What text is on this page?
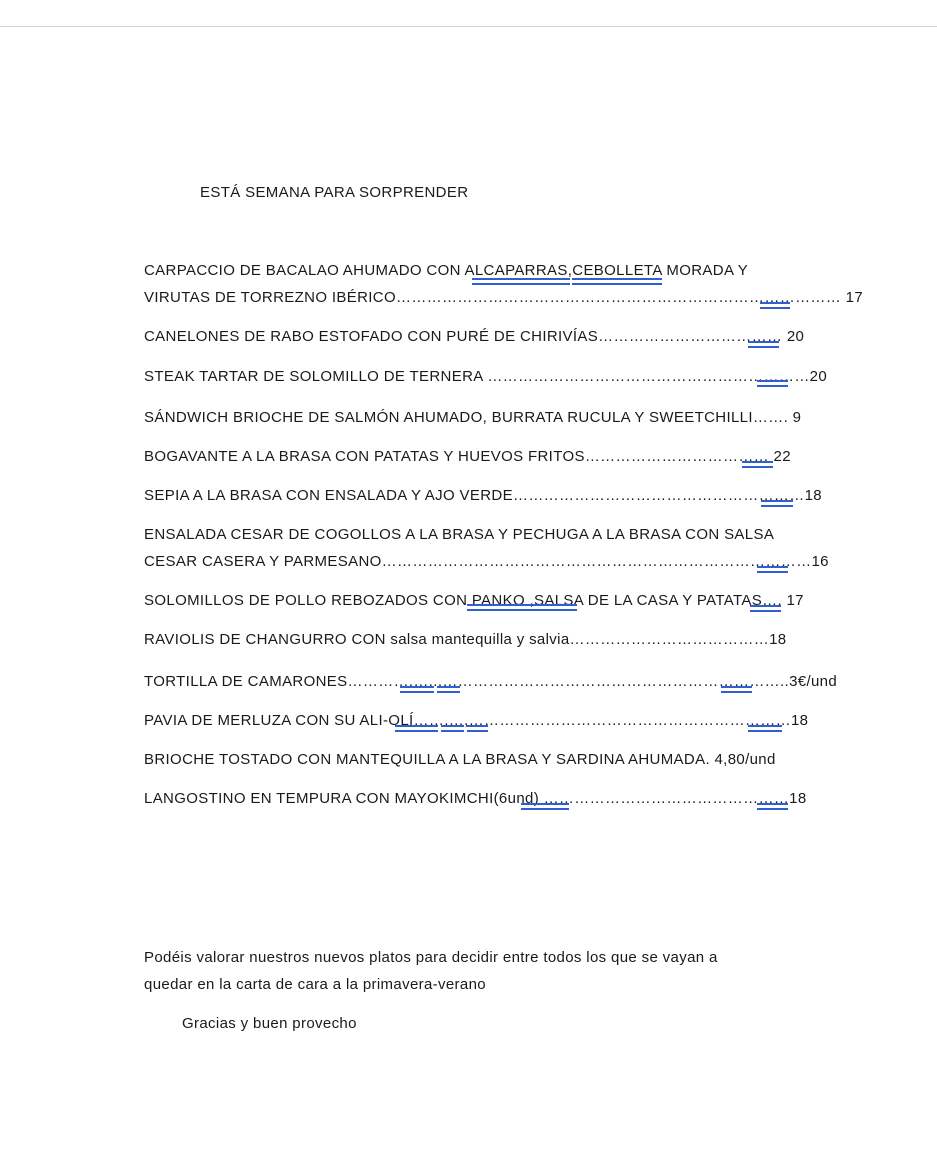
ESTÁ SEMANA PARA SORPRENDER
CARPACCIO DE BACALAO AHUMADO CON ALCAPARRAS,CEBOLLETA MORADA Y
VIRUTAS DE TORREZNO IBÉRICO…………………………………………………………………………… 17
CANELONES DE RABO ESTOFADO CON PURÉ DE CHIRIVÍAS……………………………… 20
STEAK TARTAR DE SOLOMILLO DE TERNERA ………………………………………………………20
SÁNDWICH BRIOCHE DE SALMÓN AHUMADO, BURRATA RUCULA Y SWEETCHILLI……. 9
BOGAVANTE A LA BRASA CON PATATAS Y HUEVOS FRITOS……………………………… 22
SEPIA A LA BRASA CON ENSALADA Y AJO VERDE…………………………………………………18
ENSALADA CESAR DE COGOLLOS A LA BRASA Y PECHUGA A LA BRASA CON SALSA
CESAR CASERA Y PARMESANO…………………………………………………………………………16
SOLOMILLOS DE POLLO REBOZADOS CON PANKO ,SALSA DE LA CASA Y PATATAS…. 17
RAVIOLIS DE CHANGURRO CON salsa mantequilla y salvia…………………………………18
TORTILLA DE CAMARONES………….…..,…………………………………………………………..3€/und
PAVIA DE MERLUZA CON SU ALI-OLÍ……,…,………………………………………………………18
BRIOCHE TOSTADO CON MANTEQUILLA A LA BRASA Y SARDINA AHUMADA. 4,80/und
LANGOSTINO EN TEMPURA CON MAYOKIMCHI(6und) …………………………………………18
Podéis valorar nuestros nuevos platos para decidir entre todos los que se vayan a
quedar en la carta de cara a la primavera-verano
Gracias y buen provecho
